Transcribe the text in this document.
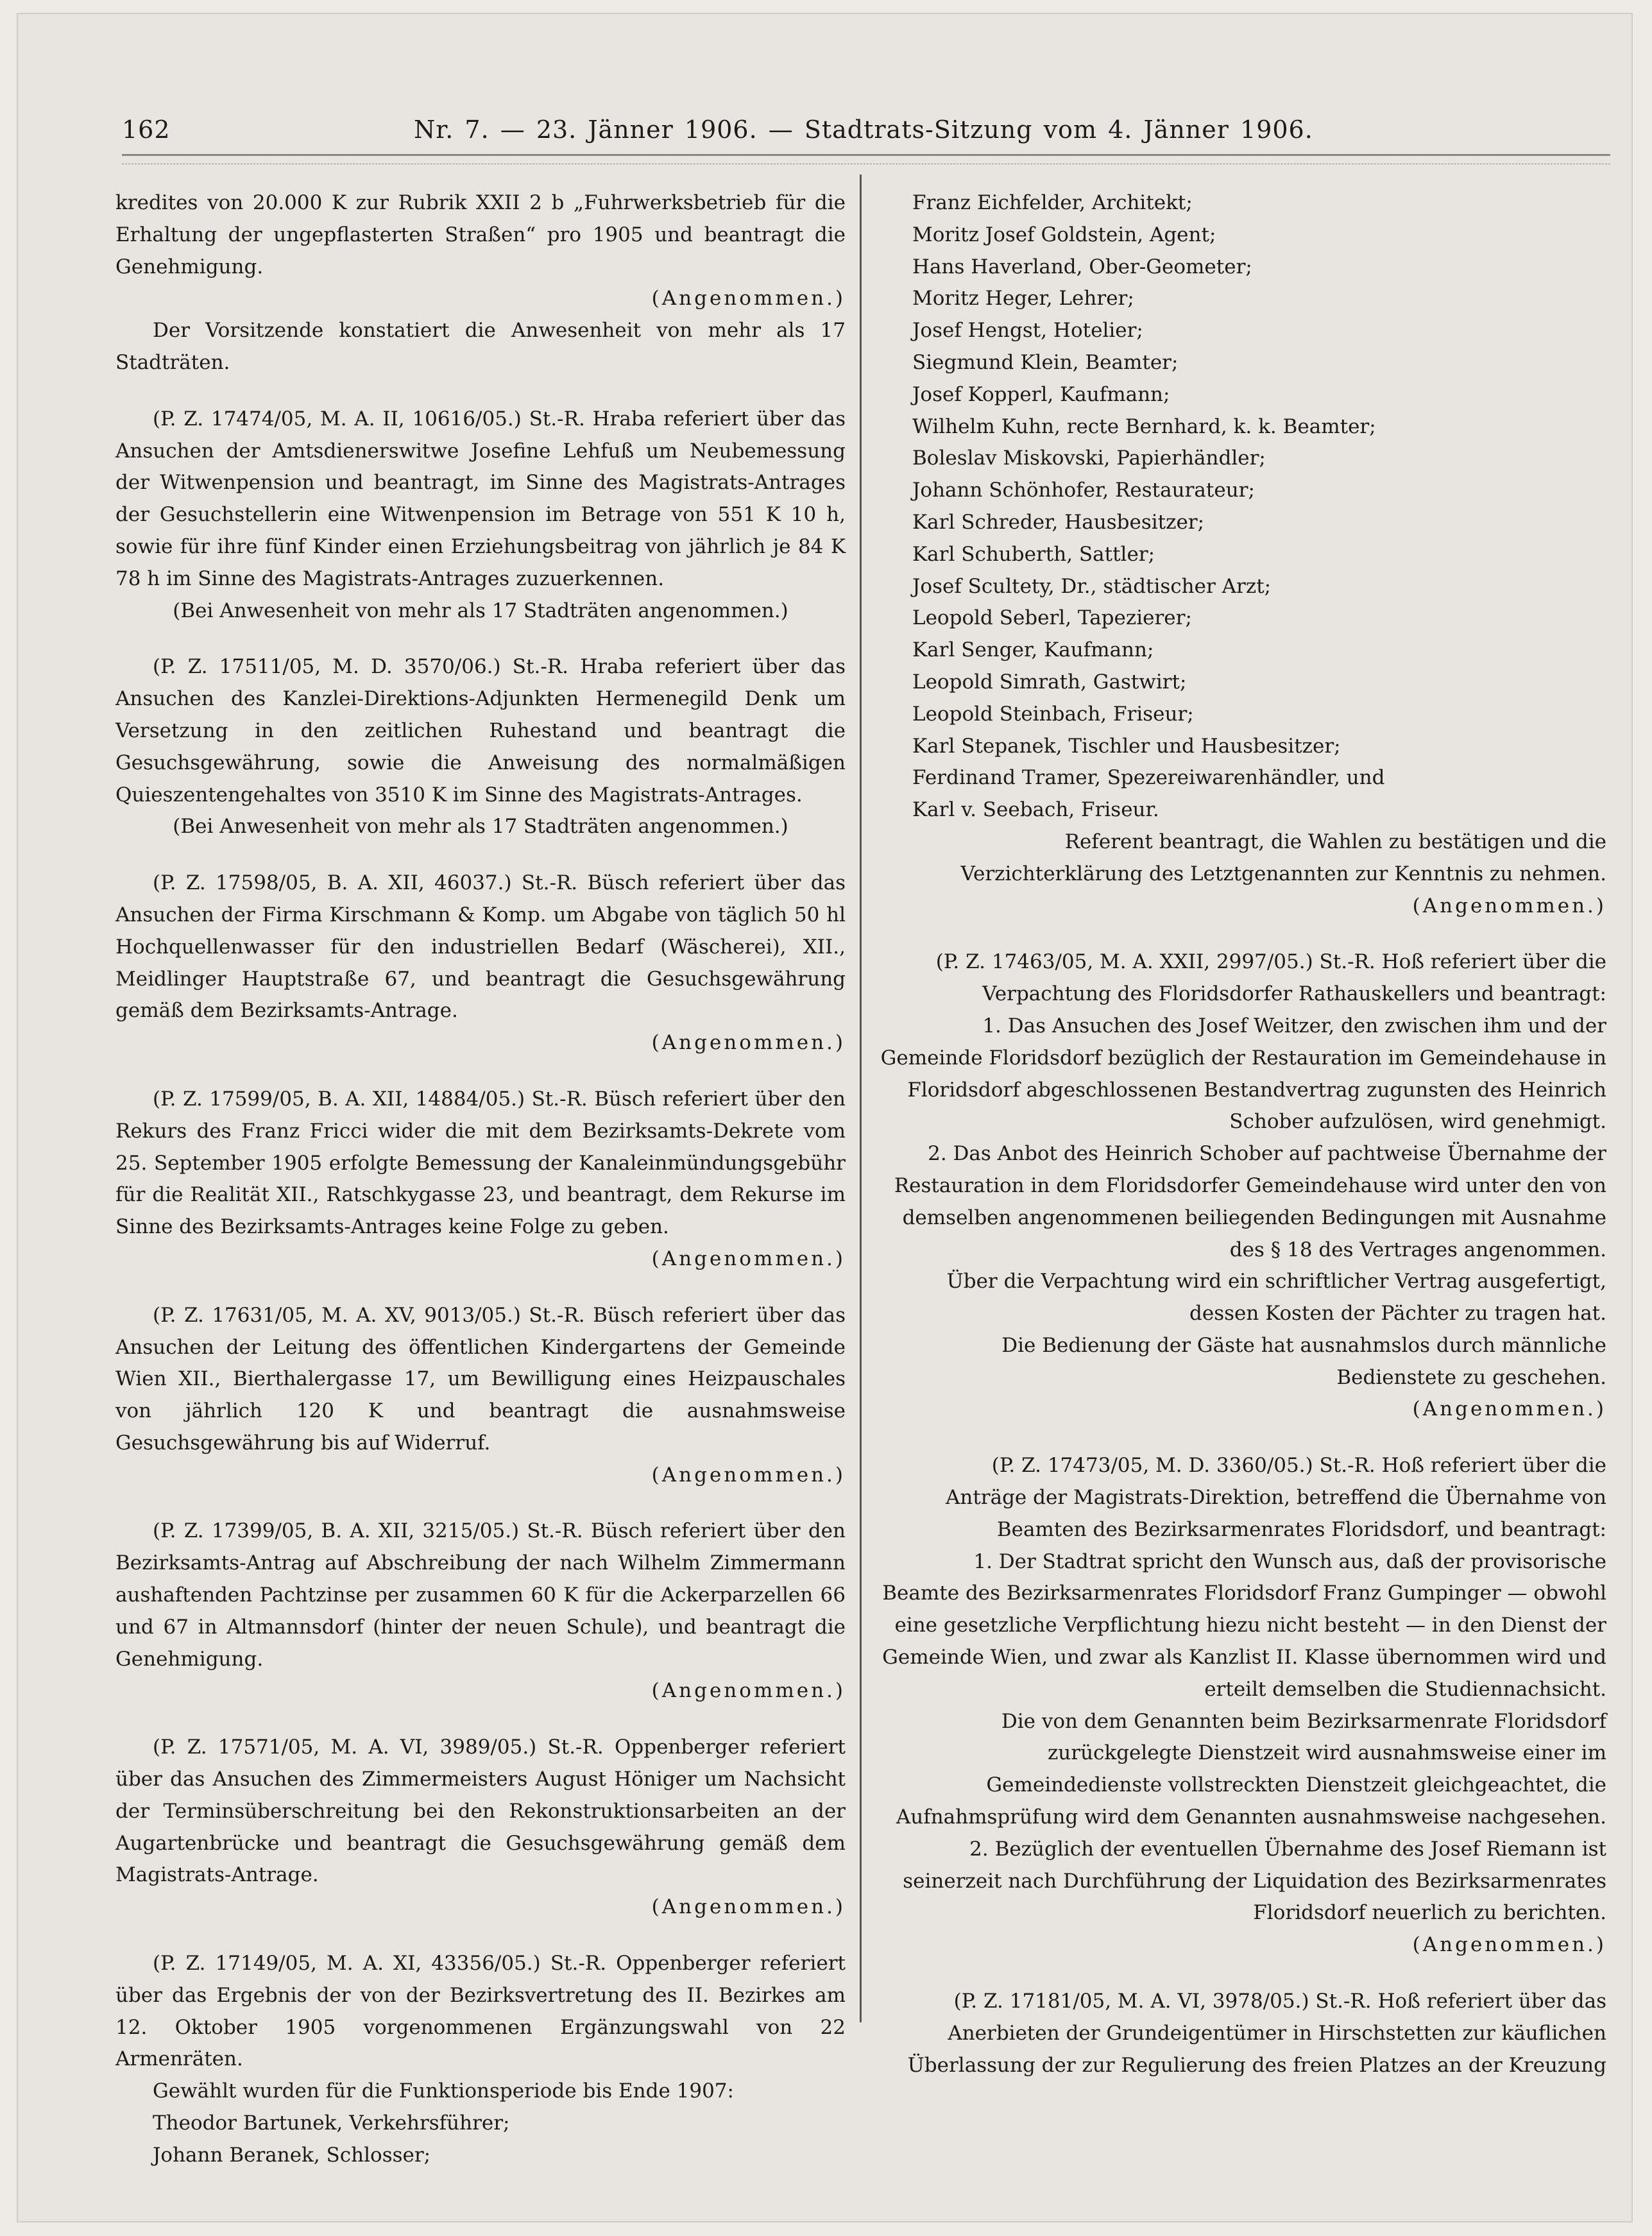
162	Nr. 7. — 23. Jänner 1906. — Stadtrats-Sitzung vom 4. Jänner 1906.

kredites von 20.000 K zur Rubrik XXII 2 b „Fuhrwerksbetrieb für die Erhaltung der ungepflasterten Straßen“ pro 1905 und beantragt die Genehmigung.

(Angenommen.)

Der Vorsitzende konstatiert die Anwesenheit von mehr als 17 Stadträten.

(P. Z. 17474/05, M. A. II, 10616/05.) St.-R. Hraba referiert über das Ansuchen der Amtsdienerswitwe Josefine Lehfuß um Neubemessung der Witwenpension und beantragt, im Sinne des Magistrats-Antrages der Gesuchstellerin eine Witwenpension im Betrage von 551 K 10 h, sowie für ihre fünf Kinder einen Erziehungsbeitrag von jährlich je 84 K 78 h im Sinne des Magistrats-Antrages zuzuerkennen.

(Bei Anwesenheit von mehr als 17 Stadträten angenommen.)

(P. Z. 17511/05, M. D. 3570/06.) St.-R. Hraba referiert über das Ansuchen des Kanzlei-Direktions-Adjunkten Hermenegild Denk um Versetzung in den zeitlichen Ruhestand und beantragt die Gesuchsgewährung, sowie die Anweisung des normalmäßigen Quieszentengehaltes von 3510 K im Sinne des Magistrats-Antrages.

(Bei Anwesenheit von mehr als 17 Stadträten angenommen.)

(P. Z. 17598/05, B. A. XII, 46037.) St.-R. Büsch referiert über das Ansuchen der Firma Kirschmann & Komp. um Abgabe von täglich 50 hl Hochquellenwasser für den industriellen Bedarf (Wäscherei), XII., Meidlinger Hauptstraße 67, und beantragt die Gesuchsgewährung gemäß dem Bezirksamts-Antrage.

(Angenommen.)

(P. Z. 17599/05, B. A. XII, 14884/05.) St.-R. Büsch referiert über den Rekurs des Franz Fricci wider die mit dem Bezirksamts-Dekrete vom 25. September 1905 erfolgte Bemessung der Kanaleinmündungsgebühr für die Realität XII., Ratschkygasse 23, und beantragt, dem Rekurse im Sinne des Bezirksamts-Antrages keine Folge zu geben.

(Angenommen.)

(P. Z. 17631/05, M. A. XV, 9013/05.) St.-R. Büsch referiert über das Ansuchen der Leitung des öffentlichen Kindergartens der Gemeinde Wien XII., Bierthalergasse 17, um Bewilligung eines Heizpauschales von jährlich 120 K und beantragt die ausnahmsweise Gesuchsgewährung bis auf Widerruf.

(Angenommen.)

(P. Z. 17399/05, B. A. XII, 3215/05.) St.-R. Büsch referiert über den Bezirksamts-Antrag auf Abschreibung der nach Wilhelm Zimmermann aushaftenden Pachtzinse per zusammen 60 K für die Ackerparzellen 66 und 67 in Altmannsdorf (hinter der neuen Schule), und beantragt die Genehmigung.

(Angenommen.)

(P. Z. 17571/05, M. A. VI, 3989/05.) St.-R. Oppenberger referiert über das Ansuchen des Zimmermeisters August Höniger um Nachsicht der Terminsüberschreitung bei den Rekonstruktionsarbeiten an der Augartenbrücke und beantragt die Gesuchsgewährung gemäß dem Magistrats-Antrage.

(Angenommen.)

(P. Z. 17149/05, M. A. XI, 43356/05.) St.-R. Oppenberger referiert über das Ergebnis der von der Bezirksvertretung des II. Bezirkes am 12. Oktober 1905 vorgenommenen Ergänzungswahl von 22 Armenräten.

Gewählt wurden für die Funktionsperiode bis Ende 1907:

Theodor Bartunek, Verkehrsführer;

Johann Beranek, Schlosser;

Franz Eichfelder, Architekt;

Moritz Josef Goldstein, Agent;

Hans Haverland, Ober-Geometer;

Moritz Heger, Lehrer;

Josef Hengst, Hotelier;

Siegmund Klein, Beamter;

Josef Kopperl, Kaufmann;

Wilhelm Kuhn, recte Bernhard, k. k. Beamter;

Boleslav Miskovski, Papierhändler;

Johann Schönhofer, Restaurateur;

Karl Schreder, Hausbesitzer;

Karl Schuberth, Sattler;

Josef Scultety, Dr., städtischer Arzt;

Leopold Seberl, Tapezierer;

Karl Senger, Kaufmann;

Leopold Simrath, Gastwirt;

Leopold Steinbach, Friseur;

Karl Stepanek, Tischler und Hausbesitzer;

Ferdinand Tramer, Spezereiwarenhändler, und

Karl v. Seebach, Friseur.

Referent beantragt, die Wahlen zu bestätigen und die Verzichterklärung des Letztgenannten zur Kenntnis zu nehmen.

(Angenommen.)

(P. Z. 17463/05, M. A. XXII, 2997/05.) St.-R. Hoß referiert über die Verpachtung des Floridsdorfer Rathauskellers und beantragt:

1. Das Ansuchen des Josef Weitzer, den zwischen ihm und der Gemeinde Floridsdorf bezüglich der Restauration im Gemeindehause in Floridsdorf abgeschlossenen Bestandvertrag zugunsten des Heinrich Schober aufzulösen, wird genehmigt.

2. Das Anbot des Heinrich Schober auf pachtweise Übernahme der Restauration in dem Floridsdorfer Gemeindehause wird unter den von demselben angenommenen beiliegenden Bedingungen mit Ausnahme des § 18 des Vertrages angenommen.

Über die Verpachtung wird ein schriftlicher Vertrag ausgefertigt, dessen Kosten der Pächter zu tragen hat.

Die Bedienung der Gäste hat ausnahmslos durch männliche Bedienstete zu geschehen.

(Angenommen.)

(P. Z. 17473/05, M. D. 3360/05.) St.-R. Hoß referiert über die Anträge der Magistrats-Direktion, betreffend die Übernahme von Beamten des Bezirksarmenrates Floridsdorf, und beantragt:

1. Der Stadtrat spricht den Wunsch aus, daß der provisorische Beamte des Bezirksarmenrates Floridsdorf Franz Gumpinger — obwohl eine gesetzliche Verpflichtung hiezu nicht besteht — in den Dienst der Gemeinde Wien, und zwar als Kanzlist II. Klasse übernommen wird und erteilt demselben die Studiennachsicht.

Die von dem Genannten beim Bezirksarmenrate Floridsdorf zurückgelegte Dienstzeit wird ausnahmsweise einer im Gemeindedienste vollstreckten Dienstzeit gleichgeachtet, die Aufnahmsprüfung wird dem Genannten ausnahmsweise nachgesehen.

2. Bezüglich der eventuellen Übernahme des Josef Riemann ist seinerzeit nach Durchführung der Liquidation des Bezirksarmenrates Floridsdorf neuerlich zu berichten.

(Angenommen.)

(P. Z. 17181/05, M. A. VI, 3978/05.) St.-R. Hoß referiert über das Anerbieten der Grundeigentümer in Hirschstetten zur käuflichen Überlassung der zur Regulierung des freien Platzes an der Kreuzung
